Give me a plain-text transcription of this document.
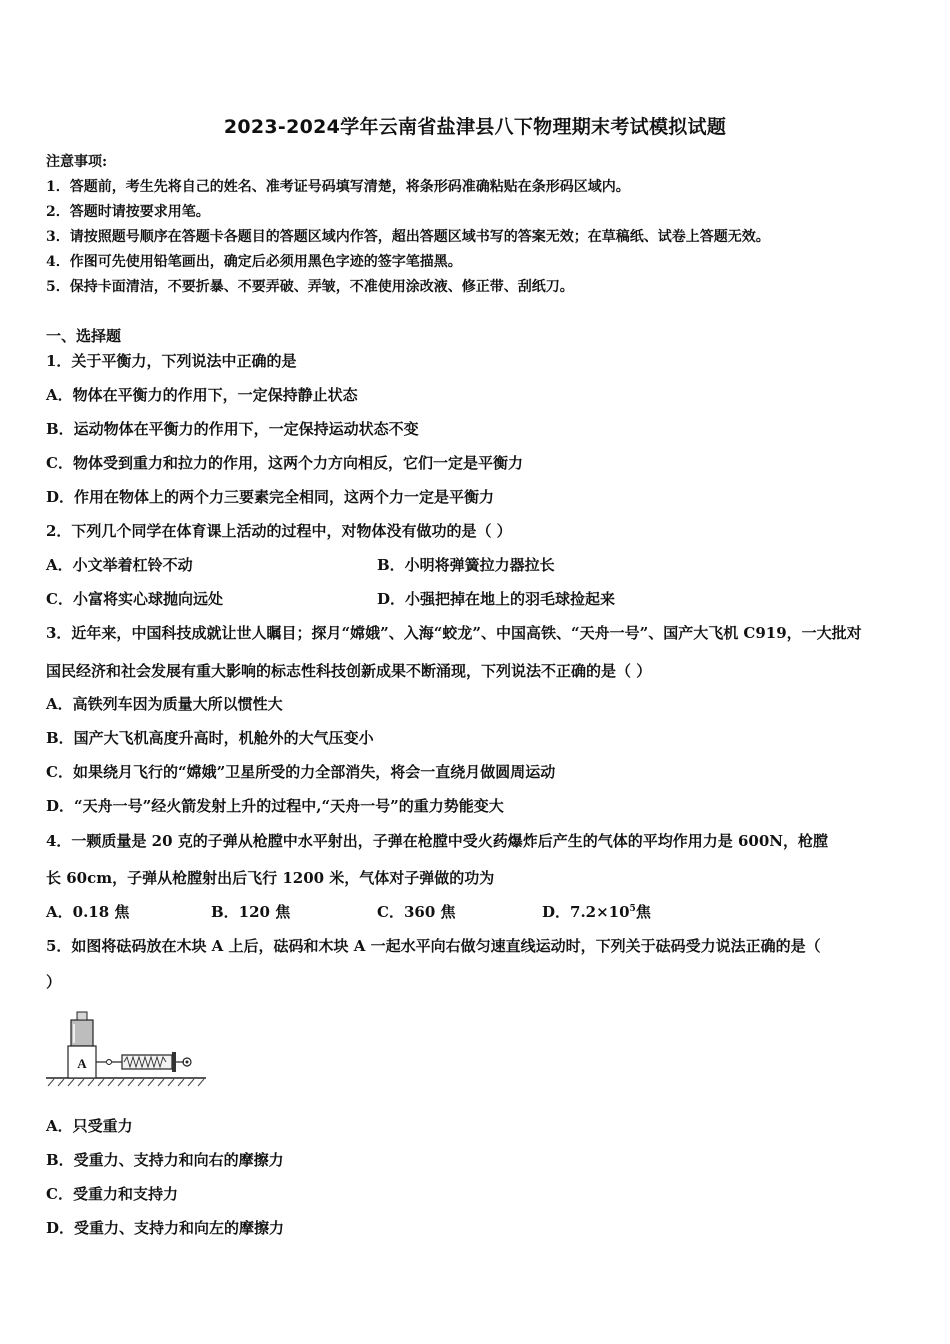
2023-2024学年云南省盐津县八下物理期末考试模拟试题
注意事项:
1．答题前，考生先将自己的姓名、准考证号码填写清楚，将条形码准确粘贴在条形码区域内。
2．答题时请按要求用笔。
3．请按照题号顺序在答题卡各题目的答题区域内作答，超出答题区域书写的答案无效；在草稿纸、试卷上答题无效。
4．作图可先使用铅笔画出，确定后必须用黑色字迹的签字笔描黑。
5．保持卡面清洁，不要折暴、不要弄破、弄皱，不准使用涂改液、修正带、刮纸刀。
一、选择题
1．关于平衡力，下列说法中正确的是
A．物体在平衡力的作用下，一定保持静止状态
B．运动物体在平衡力的作用下，一定保持运动状态不变
C．物体受到重力和拉力的作用，这两个力方向相反，它们一定是平衡力
D．作用在物体上的两个力三要素完全相同，这两个力一定是平衡力
2．下列几个同学在体育课上活动的过程中，对物体没有做功的是（ ）
A．小文举着杠铃不动	B．小明将弹簧拉力器拉长
C．小富将实心球抛向远处	D．小强把掉在地上的羽毛球捡起来
3．近年来，中国科技成就让世人瞩目；探月“嫦娥”、入海“蛟龙”、中国高铁、“天舟一号”、国产大飞机 C919，一大批对
国民经济和社会发展有重大影响的标志性科技创新成果不断涌现，下列说法不正确的是（ ）
A．高铁列车因为质量大所以惯性大
B．国产大飞机高度升高时，机舱外的大气压变小
C．如果绕月飞行的“嫦娥”卫星所受的力全部消失，将会一直绕月做圆周运动
D．“天舟一号”经火箭发射上升的过程中,“天舟一号”的重力势能变大
4．一颗质量是 20 克的子弹从枪膛中水平射出，子弹在枪膛中受火药爆炸后产生的气体的平均作用力是 600N，枪膛
长 60cm，子弹从枪膛射出后飞行 1200 米，气体对子弹做的功为
A．0.18 焦	B．120 焦	C．360 焦	D．$7.2\times 10^5$焦
5．如图将砝码放在木块 A 上后，砝码和木块 A 一起水平向右做匀速直线运动时，下列关于砝码受力说法正确的是（
）
A
A．只受重力
B．受重力、支持力和向右的摩擦力
C．受重力和支持力
D．受重力、支持力和向左的摩擦力
